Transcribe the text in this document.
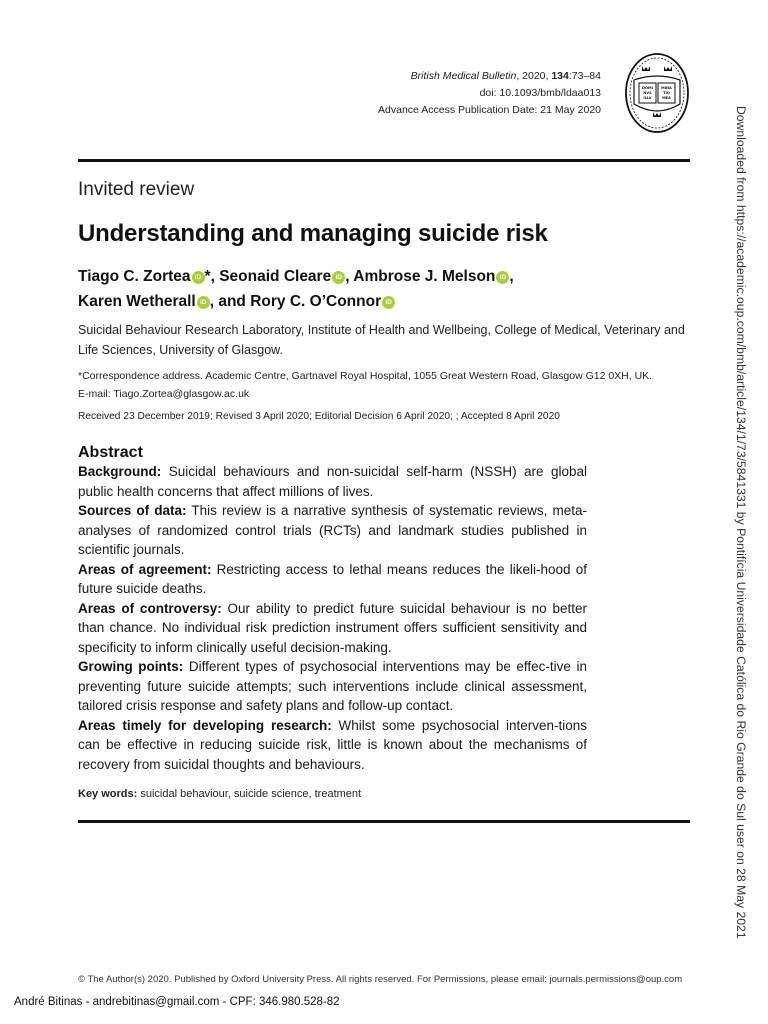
British Medical Bulletin, 2020, 134:73–84
doi: 10.1093/bmb/ldaa013
Advance Access Publication Date: 21 May 2020
DOMI
NVS
ILLV
MINA
TIO
MEA
Invited review
Understanding and managing suicide risk
Tiago C. Zortea iD *, Seonaid Cleare iD , Ambrose J. Melson iD ,
Karen Wetherall iD , and Rory C. O’Connor iD
Suicidal Behaviour Research Laboratory, Institute of Health and Wellbeing, College of Medical, Veterinary and Life Sciences, University of Glasgow.
*Correspondence address. Academic Centre, Gartnavel Royal Hospital, 1055 Great Western Road, Glasgow G12 0XH, UK.
E-mail: Tiago.Zortea@glasgow.ac.uk
Received 23 December 2019; Revised 3 April 2020; Editorial Decision 6 April 2020; ; Accepted 8 April 2020
Abstract

Background: Suicidal behaviours and non-suicidal self-harm (NSSH) are global public health concerns that affect millions of lives.

Sources of data: This review is a narrative synthesis of systematic reviews, meta-analyses of randomized control trials (RCTs) and landmark studies published in scientific journals.

Areas of agreement: Restricting access to lethal means reduces the likeli-hood of future suicide deaths.

Areas of controversy: Our ability to predict future suicidal behaviour is no better than chance. No individual risk prediction instrument offers sufficient sensitivity and specificity to inform clinically useful decision-making.

Growing points: Different types of psychosocial interventions may be effec-tive in preventing future suicide attempts; such interventions include clinical assessment, tailored crisis response and safety plans and follow-up contact.

Areas timely for developing research: Whilst some psychosocial interven-tions can be effective in reducing suicide risk, little is known about the mechanisms of recovery from suicidal thoughts and behaviours.

Key words: suicidal behaviour, suicide science, treatment
© The Author(s) 2020. Published by Oxford University Press. All rights reserved. For Permissions, please email: journals.permissions@oup.com
André Bitinas - andrebitinas@gmail.com - CPF: 346.980.528-82
Downloaded from https://academic.oup.com/bmb/article/134/1/73/5841331 by Pontifícia Universidade Católica do Rio Grande do Sul user on 28 May 2021
